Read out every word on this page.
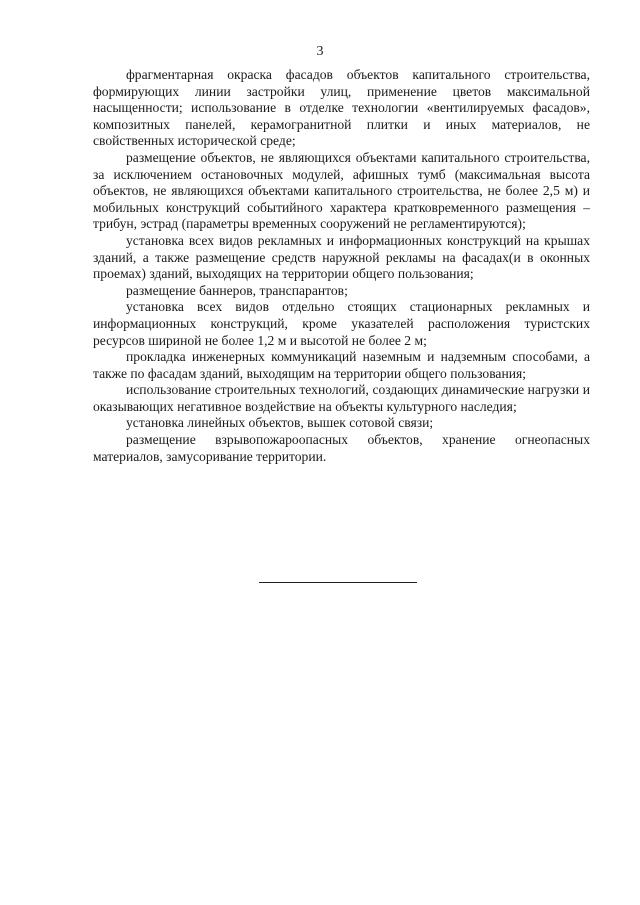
3

фрагментарная окраска фасадов объектов капитального строительства, формирующих линии застройки улиц, применение цветов максимальной насыщенности; использование в отделке технологии «вентилируемых фасадов», композитных панелей, керамогранитной плитки и иных материалов, не свойственных исторической среде;

размещение объектов, не являющихся объектами капитального строительства, за исключением остановочных модулей, афишных тумб (максимальная высота объектов, не являющихся объектами капитального строительства, не более 2,5 м) и мобильных конструкций событийного характера кратковременного размещения – трибун, эстрад (параметры временных сооружений не регламентируются);

установка всех видов рекламных и информационных конструкций на крышах зданий, а также размещение средств наружной рекламы на фасадах(и в оконных проемах) зданий, выходящих на территории общего пользования;

размещение баннеров, транспарантов;

установка всех видов отдельно стоящих стационарных рекламных и информационных конструкций, кроме указателей расположения туристских ресурсов шириной не более 1,2 м и высотой не более 2 м;

прокладка инженерных коммуникаций наземным и надземным способами, а также по фасадам зданий, выходящим на территории общего пользования;

использование строительных технологий, создающих динамические нагрузки и оказывающих негативное воздействие на объекты культурного наследия;

установка линейных объектов, вышек сотовой связи;

размещение взрывопожароопасных объектов, хранение огнеопасных материалов, замусоривание территории.
